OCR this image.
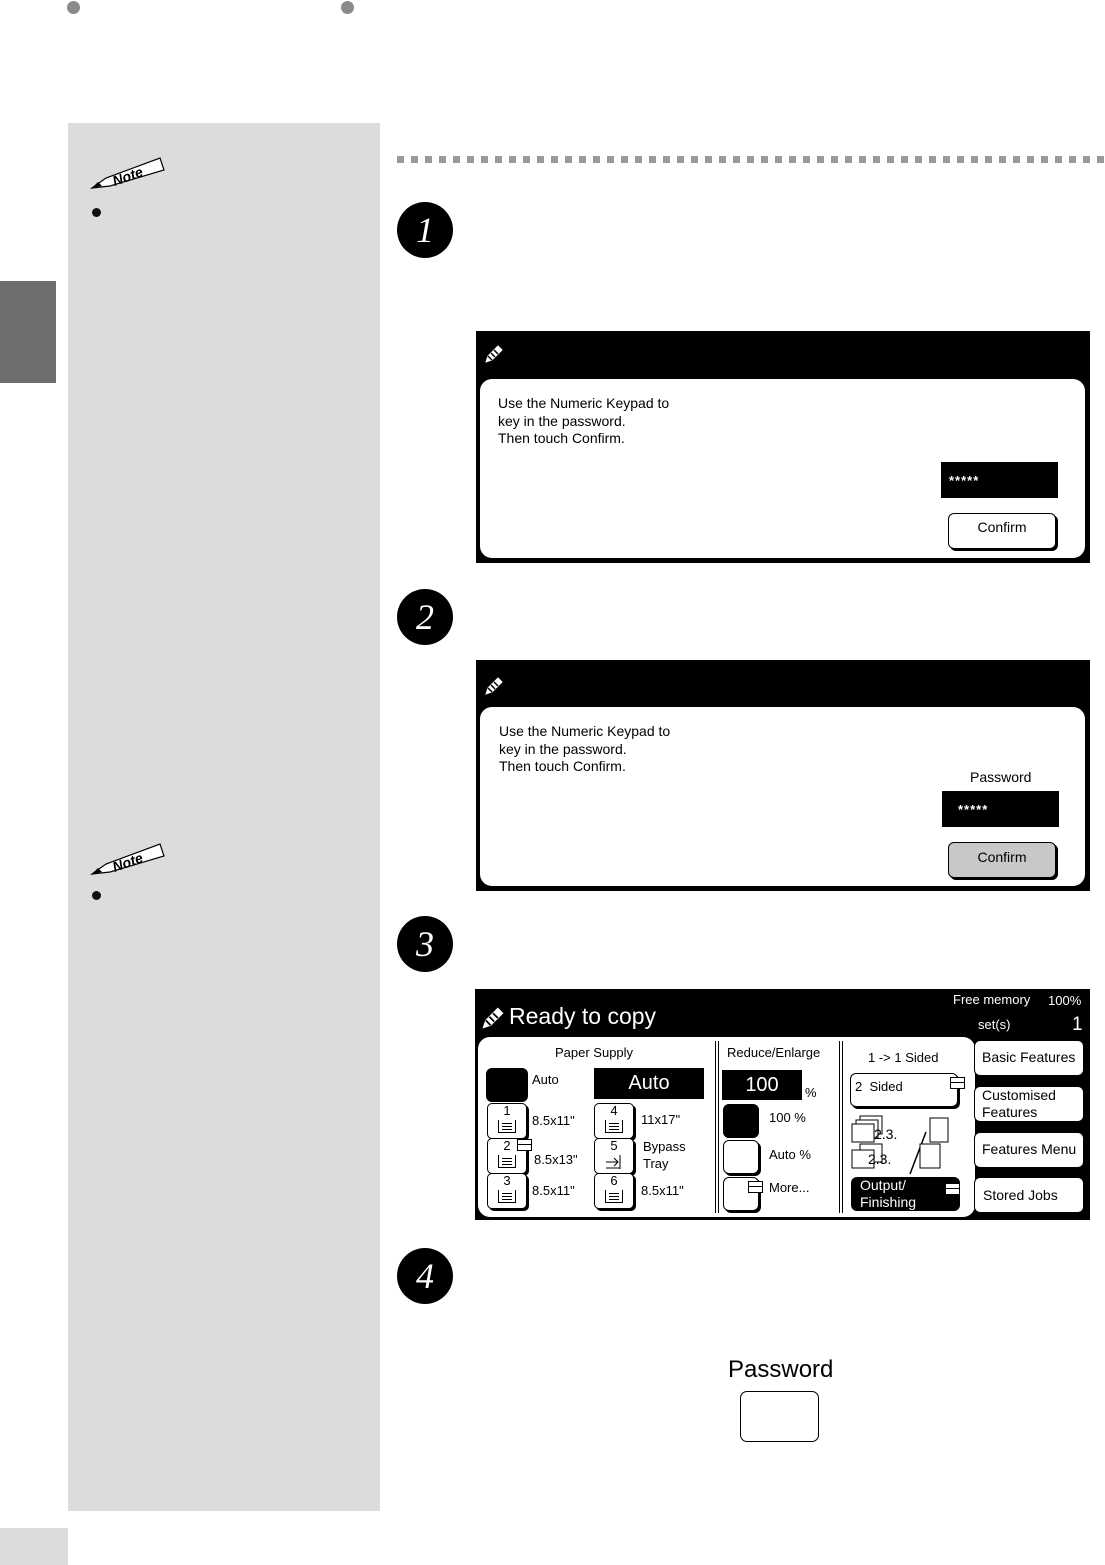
Note
Note
1
2
3
4
Use the Numeric Keypad to
key in the password.
Then touch Confirm.
*****
Confirm
Use the Numeric Keypad to
key in the password.
Then touch Confirm.
Password
*****
Confirm
Ready to copy
Free memory 100%
set(s)	1
Paper Supply
Auto	Auto
1
8.5x11"
2
8.5x13"
3
8.5x11"
4
11x17"
5	Bypass
Tray
6
8.5x11"
Reduce/Enlarge
100	%
100 %
Auto %
More...
1 -> 1 Sided
2  Sided
2.3.
2.3.
Output/
Finishing
Basic Features
Customised
Features
Features Menu
Stored Jobs
Password
